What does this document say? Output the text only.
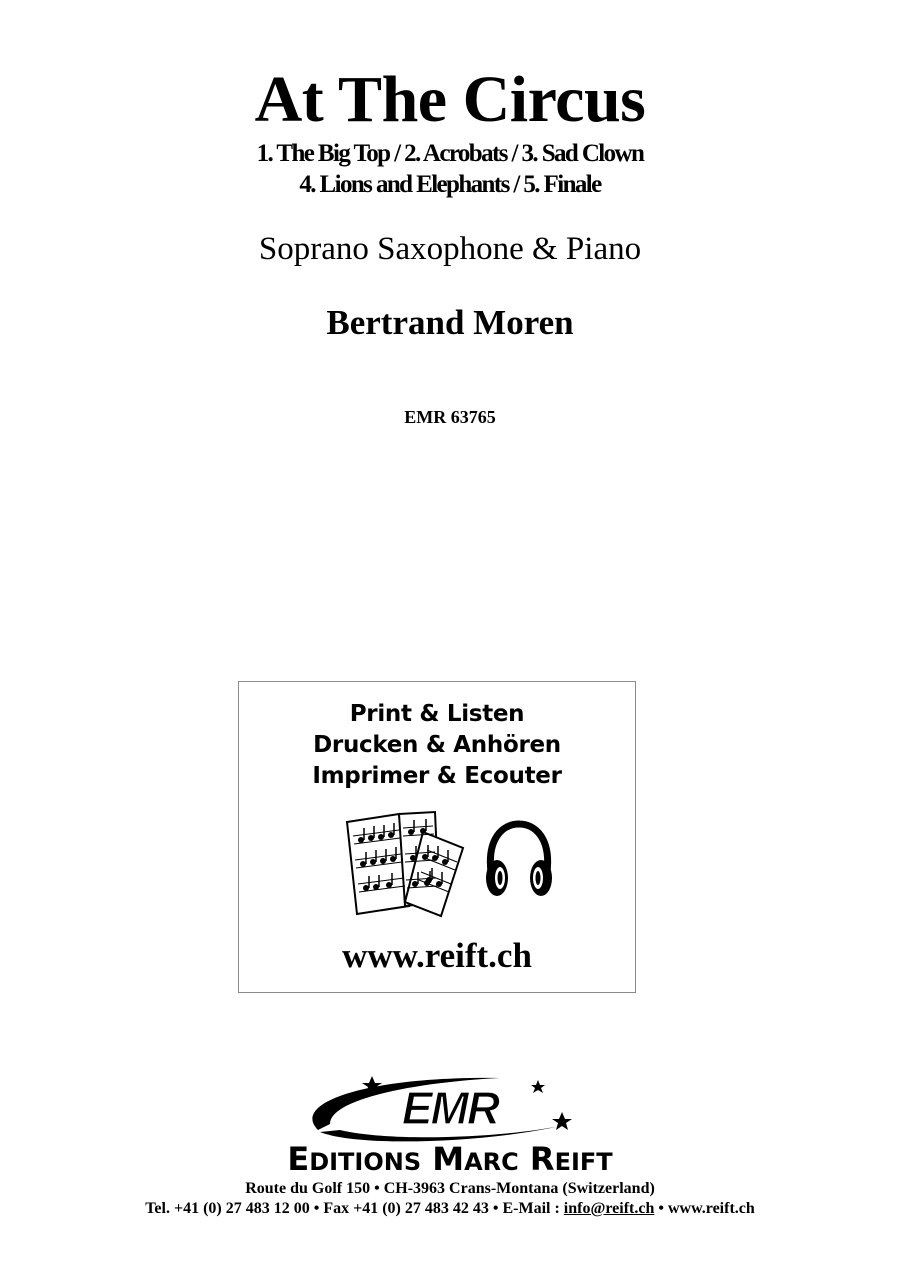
At The Circus
1. The Big Top / 2. Acrobats / 3. Sad Clown
4. Lions and Elephants / 5. Finale
Soprano Saxophone & Piano
Bertrand Moren
EMR 63765
Print & Listen
Drucken & Anhören
Imprimer & Ecouter
www.reift.ch
EMR
EDITIONS MARC REIFT
Route du Golf 150 • CH-3963 Crans-Montana (Switzerland)
Tel. +41 (0) 27 483 12 00 • Fax +41 (0) 27 483 42 43 • E-Mail : info@reift.ch • www.reift.ch
